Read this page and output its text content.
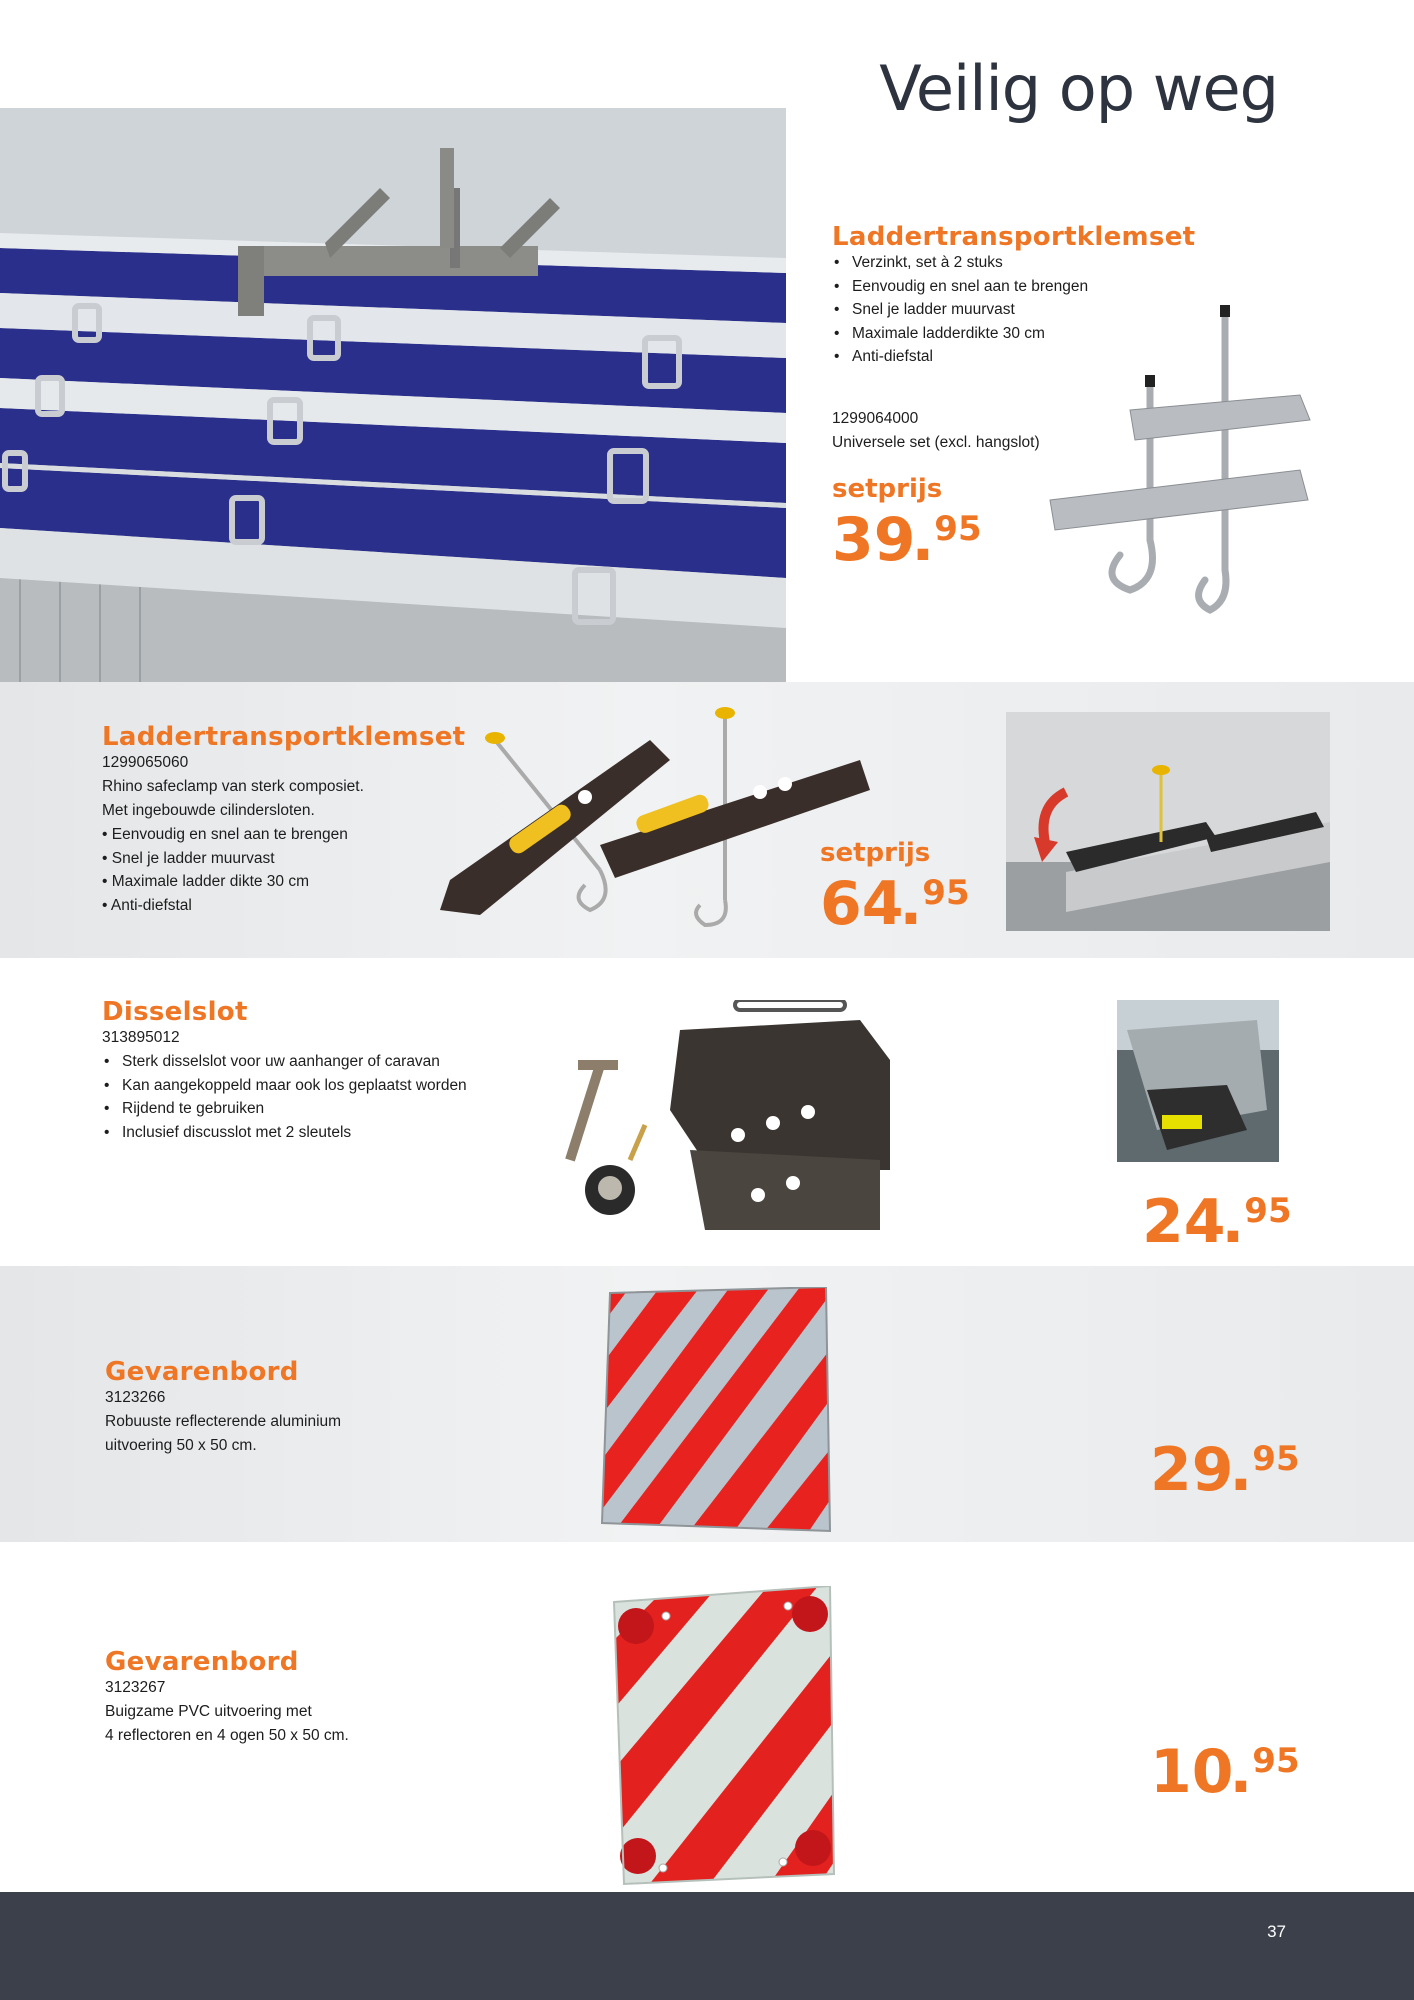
Veilig op weg
Laddertransportklemset
• Verzinkt, set à 2 stuks
• Eenvoudig en snel aan te brengen
• Snel je ladder muurvast
• Maximale ladderdikte 30 cm
• Anti-diefstal
1299064000
Universele set (excl. hangslot)
setprijs
39.95
Laddertransportklemset
1299065060
Rhino safeclamp van sterk composiet.
Met ingebouwde cilindersloten.
• Eenvoudig en snel aan te brengen
• Snel je ladder muurvast
• Maximale ladder dikte 30 cm
• Anti-diefstal
setprijs
64.95
Disselslot
313895012
• Sterk disselslot voor uw aanhanger of caravan
• Kan aangekoppeld maar ook los geplaatst worden
• Rijdend te gebruiken
• Inclusief discusslot met 2 sleutels
24.95
Gevarenbord
3123266
Robuuste reflecterende aluminium
uitvoering 50 x 50 cm.	29.95
Gevarenbord
3123267
Buigzame PVC uitvoering met
4 reflectoren en 4 ogen 50 x 50 cm.
10.95
37
